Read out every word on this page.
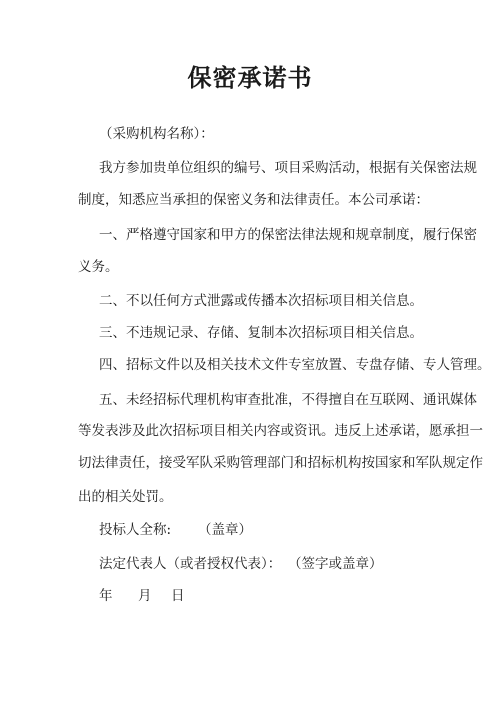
保密承诺书
（采购机构名称）：
我方参加贵单位组织的编号、项目采购活动，根据有关保密法规
制度，知悉应当承担的保密义务和法律责任。本公司承诺：
一、严格遵守国家和甲方的保密法律法规和规章制度，履行保密
义务。
二、不以任何方式泄露或传播本次招标项目相关信息。
三、不违规记录、存储、复制本次招标项目相关信息。
四、招标文件以及相关技术文件专室放置、专盘存储、专人管理。
五、未经招标代理机构审查批准，不得擅自在互联网、通讯媒体
等发表涉及此次招标项目相关内容或资讯。违反上述承诺，愿承担一
切法律责任，接受军队采购管理部门和招标机构按国家和军队规定作
出的相关处罚。
投标人全称: （盖章）
法定代表人（或者授权代表）： （签字或盖章）
年 月 日
